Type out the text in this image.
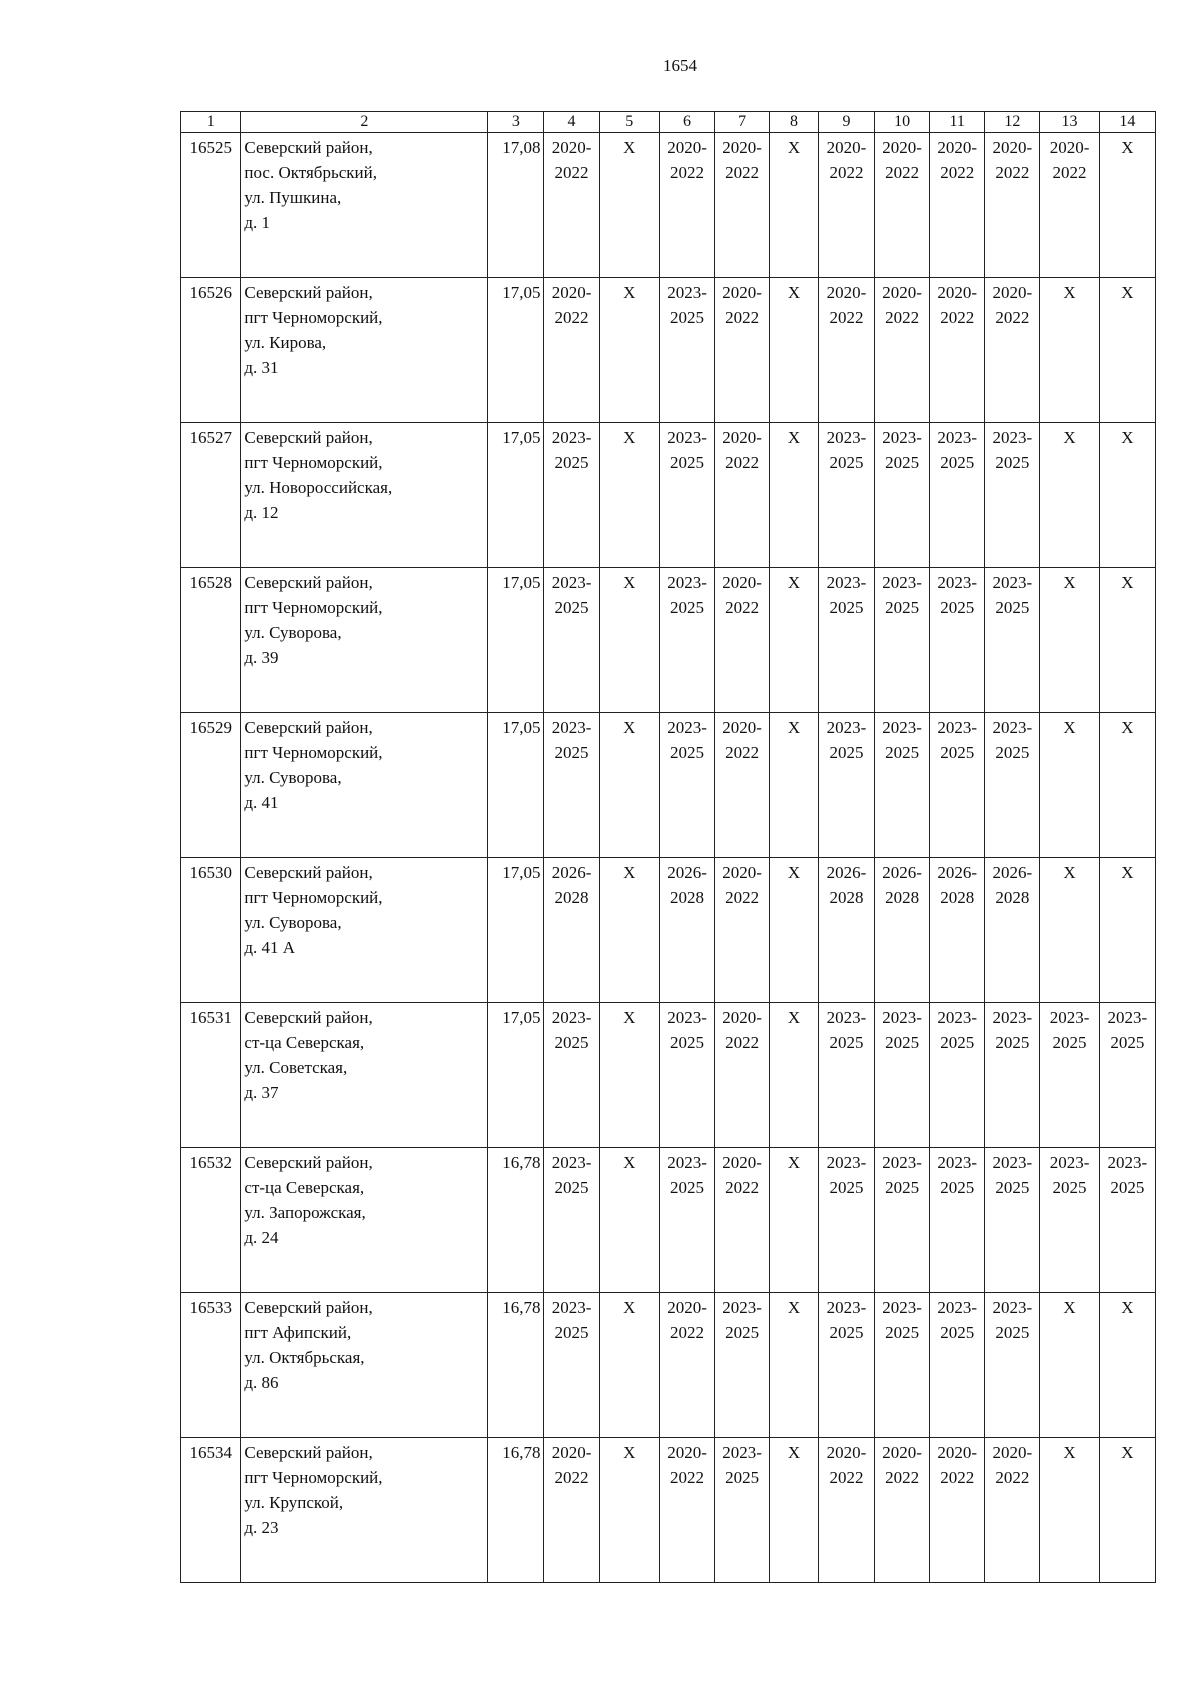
1654
1	2	3	4	5	6	7	8	9	10	11	12	13	14
16525	Северский район,
пос. Октябрьский,
ул. Пушкина,
д. 1	17,08	2020-
2022	X	2020-
2022	2020-
2022	X	2020-
2022	2020-
2022	2020-
2022	2020-
2022	2020-
2022	X
16526	Северский район,
пгт Черноморский,
ул. Кирова,
д. 31	17,05	2020-
2022	X	2023-
2025	2020-
2022	X	2020-
2022	2020-
2022	2020-
2022	2020-
2022	X	X
16527	Северский район,
пгт Черноморский,
ул. Новороссийская,
д. 12	17,05	2023-
2025	X	2023-
2025	2020-
2022	X	2023-
2025	2023-
2025	2023-
2025	2023-
2025	X	X
16528	Северский район,
пгт Черноморский,
ул. Суворова,
д. 39	17,05	2023-
2025	X	2023-
2025	2020-
2022	X	2023-
2025	2023-
2025	2023-
2025	2023-
2025	X	X
16529	Северский район,
пгт Черноморский,
ул. Суворова,
д. 41	17,05	2023-
2025	X	2023-
2025	2020-
2022	X	2023-
2025	2023-
2025	2023-
2025	2023-
2025	X	X
16530	Северский район,
пгт Черноморский,
ул. Суворова,
д. 41 А	17,05	2026-
2028	X	2026-
2028	2020-
2022	X	2026-
2028	2026-
2028	2026-
2028	2026-
2028	X	X
16531	Северский район,
ст-ца Северская,
ул. Советская,
д. 37	17,05	2023-
2025	X	2023-
2025	2020-
2022	X	2023-
2025	2023-
2025	2023-
2025	2023-
2025	2023-
2025	2023-
2025
16532	Северский район,
ст-ца Северская,
ул. Запорожская,
д. 24	16,78	2023-
2025	X	2023-
2025	2020-
2022	X	2023-
2025	2023-
2025	2023-
2025	2023-
2025	2023-
2025	2023-
2025
16533	Северский район,
пгт Афипский,
ул. Октябрьская,
д. 86	16,78	2023-
2025	X	2020-
2022	2023-
2025	X	2023-
2025	2023-
2025	2023-
2025	2023-
2025	X	X
16534	Северский район,
пгт Черноморский,
ул. Крупской,
д. 23	16,78	2020-
2022	X	2020-
2022	2023-
2025	X	2020-
2022	2020-
2022	2020-
2022	2020-
2022	X	X
